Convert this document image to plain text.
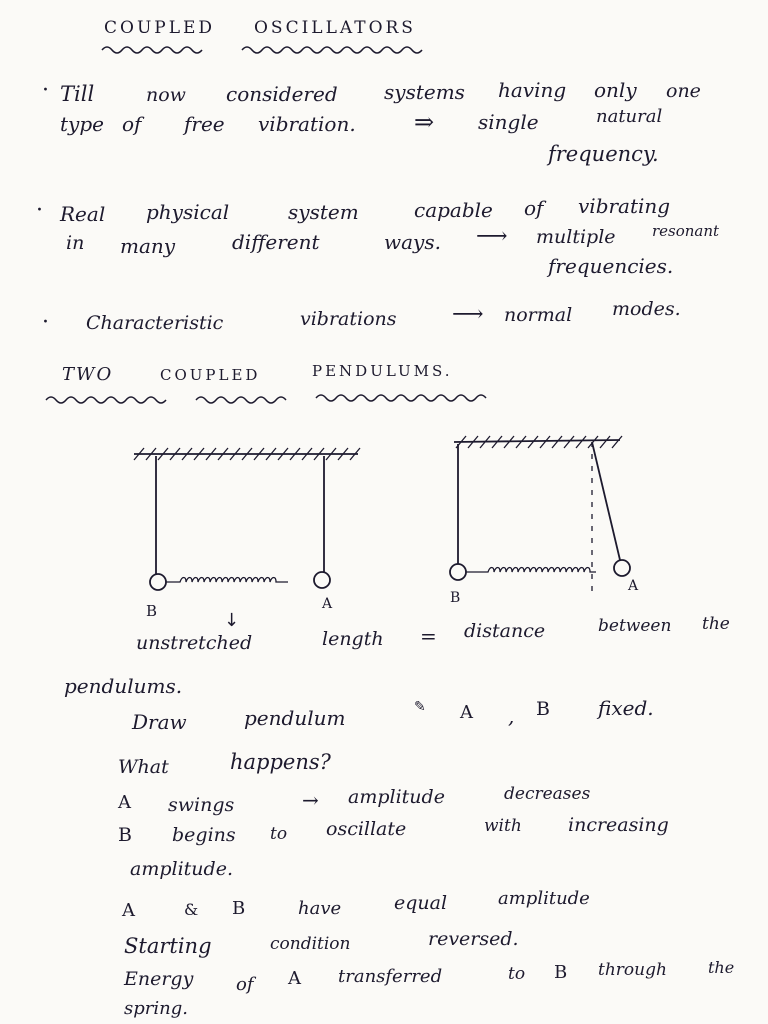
COUPLED OSCILLATORS
· Till	now considered systems having only one
type of free vibration. ⇒ single	natural
frequency.
· Real physical	system	capable of vibrating
in many	different	ways. ⟶ multiple resonant
frequencies.
· Characteristic	vibrations	⟶ normal modes.
TWO	COUPLED	PENDULUMS.
B	A	B
A
↓
unstretched	length = distance	between the
pendulums.
Draw	pendulum	✎ A , B fixed.
What	happens?
A swings	→ amplitude	decreases
B begins to oscillate	with increasing
amplitude.
A	& B	have	equal	amplitude
Starting	condition	reversed.
Energy of A transferred	to B through	the
spring.
